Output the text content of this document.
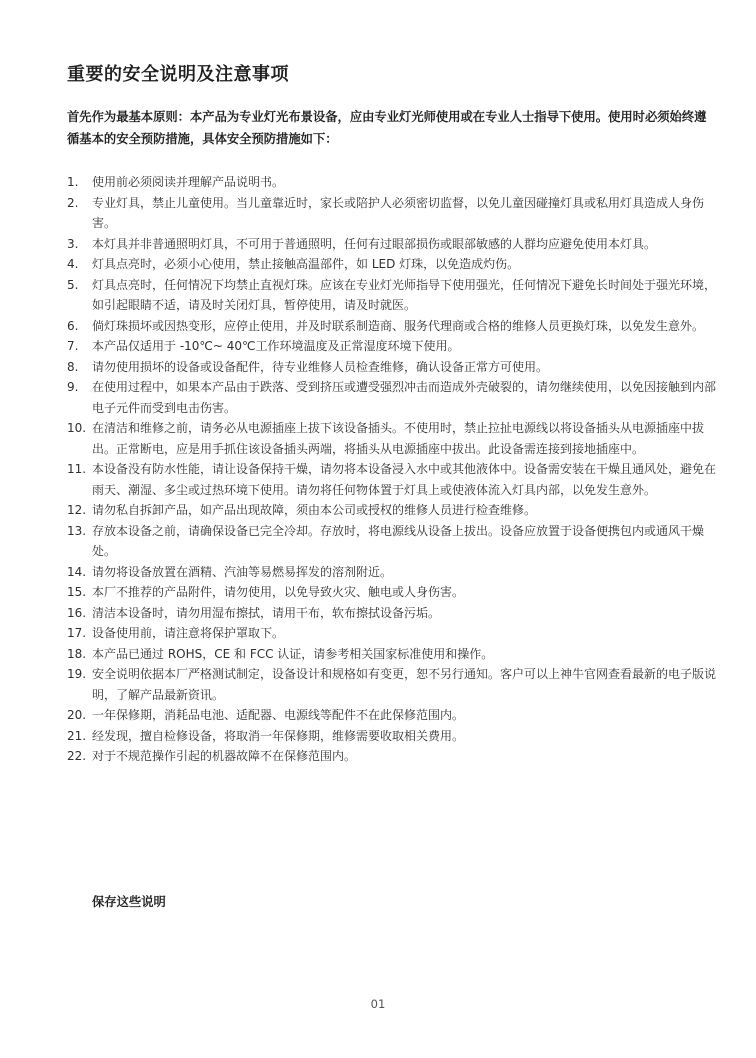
重要的安全说明及注意事项

首先作为最基本原则：本产品为专业灯光布景设备，应由专业灯光师使用或在专业人士指导下使用。使用时必须始终遵循基本的安全预防措施，具体安全预防措施如下：

1.	使用前必须阅读并理解产品说明书。
2.	专业灯具，禁止儿童使用。当儿童靠近时，家长或陪护人必须密切监督，以免儿童因碰撞灯具或私用灯具造成人身伤害。
3.	本灯具并非普通照明灯具，不可用于普通照明，任何有过眼部损伤或眼部敏感的人群均应避免使用本灯具。
4.	灯具点亮时，必须小心使用，禁止接触高温部件，如 LED 灯珠，以免造成灼伤。
5.	灯具点亮时，任何情况下均禁止直视灯珠。应该在专业灯光师指导下使用强光，任何情况下避免长时间处于强光环境，如引起眼睛不适，请及时关闭灯具，暂停使用，请及时就医。
6.	倘灯珠损坏或因热变形，应停止使用，并及时联系制造商、服务代理商或合格的维修人员更换灯珠，以免发生意外。
7.	本产品仅适用于 -10℃~ 40℃工作环境温度及正常湿度环境下使用。
8.	请勿使用损坏的设备或设备配件，待专业维修人员检查维修，确认设备正常方可使用。
9.	在使用过程中，如果本产品由于跌落、受到挤压或遭受强烈冲击而造成外壳破裂的，请勿继续使用，以免因接触到内部电子元件而受到电击伤害。
10. 在清洁和维修之前，请务必从电源插座上拔下该设备插头。不使用时，禁止拉扯电源线以将设备插头从电源插座中拔出。正常断电，应是用手抓住该设备插头两端，将插头从电源插座中拔出。此设备需连接到接地插座中。
11. 本设备没有防水性能，请让设备保持干燥，请勿将本设备浸入水中或其他液体中。设备需安装在干燥且通风处，避免在雨天、潮湿、多尘或过热环境下使用。请勿将任何物体置于灯具上或使液体流入灯具内部，以免发生意外。
12. 请勿私自拆卸产品，如产品出现故障，须由本公司或授权的维修人员进行检查维修。
13. 存放本设备之前，请确保设备已完全冷却。存放时，将电源线从设备上拔出。设备应放置于设备便携包内或通风干燥处。
14. 请勿将设备放置在酒精、汽油等易燃易挥发的溶剂附近。
15. 本厂不推荐的产品附件，请勿使用，以免导致火灾、触电或人身伤害。
16. 清洁本设备时，请勿用湿布擦拭，请用干布，软布擦拭设备污垢。
17. 设备使用前，请注意将保护罩取下。
18. 本产品已通过 ROHS，CE 和 FCC 认证，请参考相关国家标准使用和操作。
19. 安全说明依据本厂严格测试制定，设备设计和规格如有变更，恕不另行通知。客户可以上神牛官网查看最新的电子版说明，了解产品最新资讯。
20. 一年保修期，消耗品电池、适配器、电源线等配件不在此保修范围内。
21. 经发现，擅自检修设备，将取消一年保修期，维修需要收取相关费用。
22. 对于不规范操作引起的机器故障不在保修范围内。

保存这些说明

01
